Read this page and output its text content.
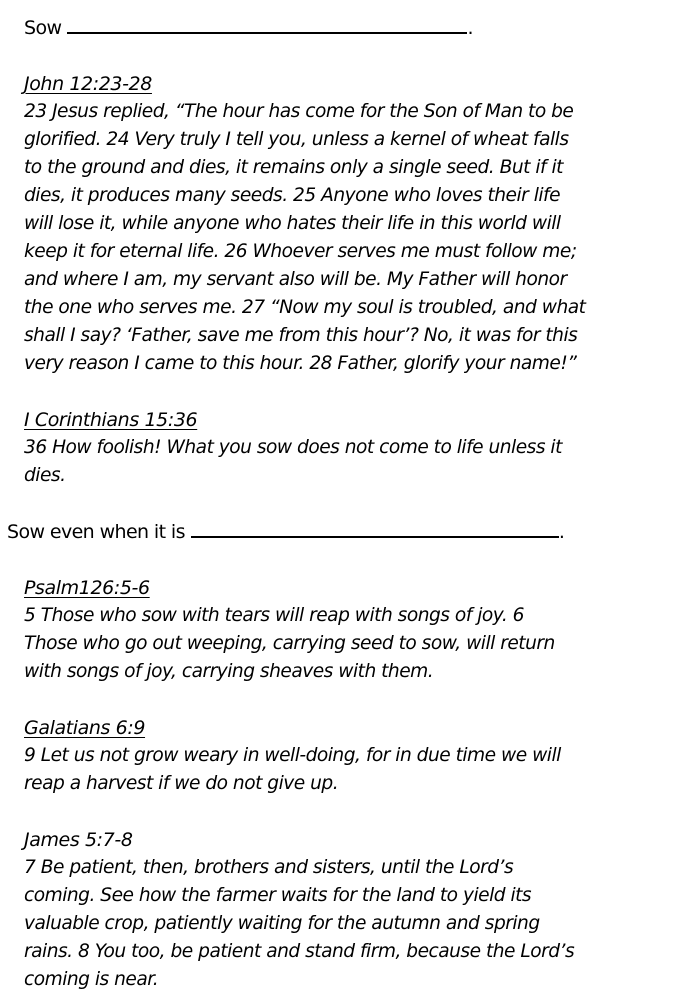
Sow	.
John 12:23-28
23 Jesus replied, “The hour has come for the Son of Man to be
glorified. 24 Very truly I tell you, unless a kernel of wheat falls
to the ground and dies, it remains only a single seed. But if it
dies, it produces many seeds. 25 Anyone who loves their life
will lose it, while anyone who hates their life in this world will
keep it for eternal life. 26 Whoever serves me must follow me;
and where I am, my servant also will be. My Father will honor
the one who serves me. 27 “Now my soul is troubled, and what
shall I say? ‘Father, save me from this hour’? No, it was for this
very reason I came to this hour. 28 Father, glorify your name!”
I Corinthians 15:36
36 How foolish! What you sow does not come to life unless it
dies.
Sow even when it is	.
Psalm126:5-6
5 Those who sow with tears will reap with songs of joy. 6
Those who go out weeping, carrying seed to sow, will return
with songs of joy, carrying sheaves with them.
Galatians 6:9
9 Let us not grow weary in well-doing, for in due time we will
reap a harvest if we do not give up.
James 5:7-8
7 Be patient, then, brothers and sisters, until the Lord’s
coming. See how the farmer waits for the land to yield its
valuable crop, patiently waiting for the autumn and spring
rains. 8 You too, be patient and stand firm, because the Lord’s
coming is near.
